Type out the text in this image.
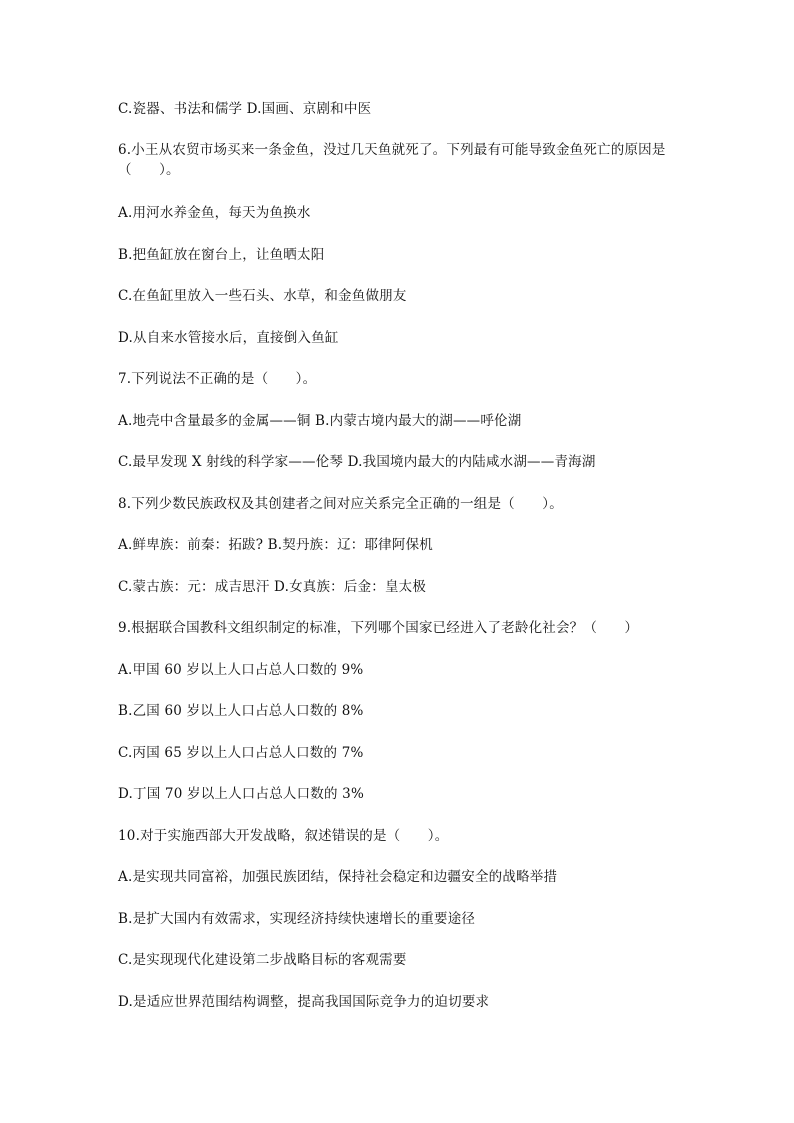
C.瓷器、书法和儒学 D.国画、京剧和中医
6.小王从农贸市场买来一条金鱼，没过几天鱼就死了。下列最有可能导致金鱼死亡的原因是（　　）。
A.用河水养金鱼，每天为鱼换水
B.把鱼缸放在窗台上，让鱼晒太阳
C.在鱼缸里放入一些石头、水草，和金鱼做朋友
D.从自来水管接水后，直接倒入鱼缸
7.下列说法不正确的是（　　）。
A.地壳中含量最多的金属——铜 B.内蒙古境内最大的湖——呼伦湖
C.最早发现 X 射线的科学家——伦琴 D.我国境内最大的内陆咸水湖——青海湖
8.下列少数民族政权及其创建者之间对应关系完全正确的一组是（　　）。
A.鲜卑族：前秦：拓跋? B.契丹族：辽：耶律阿保机
C.蒙古族：元：成吉思汗 D.女真族：后金：皇太极
9.根据联合国教科文组织制定的标准，下列哪个国家已经进入了老龄化社会？（　　）
A.甲国 60 岁以上人口占总人口数的 9%
B.乙国 60 岁以上人口占总人口数的 8%
C.丙国 65 岁以上人口占总人口数的 7%
D.丁国 70 岁以上人口占总人口数的 3%
10.对于实施西部大开发战略，叙述错误的是（　　）。
A.是实现共同富裕，加强民族团结，保持社会稳定和边疆安全的战略举措
B.是扩大国内有效需求，实现经济持续快速增长的重要途径
C.是实现现代化建设第二步战略目标的客观需要
D.是适应世界范围结构调整，提高我国国际竞争力的迫切要求
